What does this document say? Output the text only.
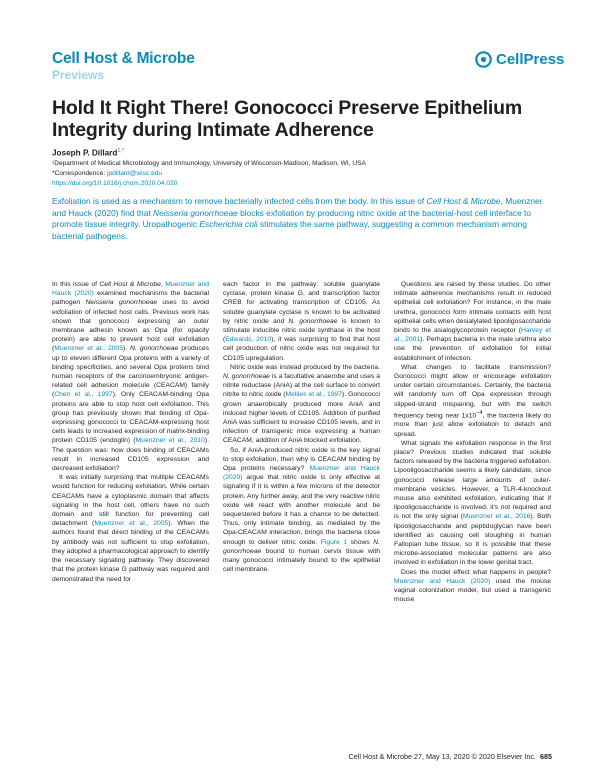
Cell Host & Microbe
Previews
CellPress
Hold It Right There! Gonococci Preserve Epithelium Integrity during Intimate Adherence
Joseph P. Dillard$^{1,*}$
¹Department of Medical Microbiology and Immunology, University of Wisconsin-Madison, Madison, WI, USA
*Correspondence: jpdillard@wisc.edu
https://doi.org/10.1016/j.chom.2020.04.020
Exfoliation is used as a mechanism to remove bacterially infected cells from the body. In this issue of Cell Host & Microbe, Muenzner and Hauck (2020) find that Neisseria gonorrhoeae blocks exfoliation by producing nitric oxide at the bacterial-host cell interface to promote tissue integrity. Uropathogenic Escherichia coli stimulates the same pathway, suggesting a common mechanism among bacterial pathogens.

In this issue of Cell Host & Microbe, Muenzner and Hauck (2020) examined mechanisms the bacterial pathogen Neisseria gonorrhoeae uses to avoid exfoliation of infected host cells. Previous work has shown that gonococci expressing an outer membrane adhesin known as Opa (for opacity protein) are able to prevent host cell exfoliation (Muenzner et al., 2005). N. gonorrhoeae produces up to eleven different Opa proteins with a variety of binding specificities, and several Opa proteins bind human receptors of the carcinoembryonic antigen-related cell adhesion molecule (CEACAM) family (Chen et al., 1997). Only CEACAM-binding Opa proteins are able to stop host cell exfoliation. This group has previously shown that binding of Opa-expressing gonococci to CEACAM-expressing host cells leads to increased expression of matrix-binding protein CD105 (endoglin) (Muenzner et al., 2010). The question was: how does binding of CEACAMs result in increased CD105 expression and decreased exfoliation?

It was initially surprising that multiple CEACAMs would function for reducing exfoliation. While certain CEACAMs have a cytoplasmic domain that affects signaling in the host cell, others have no such domain and still function for preventing cell detachment (Muenzner et al., 2005). When the authors found that direct binding of the CEACAMs by antibody was not sufficient to stop exfoliation, they adopted a pharmacological approach to identify the necessary signaling pathway. They discovered that the protein kinase G pathway was required and demonstrated the need for

each factor in the pathway: soluble guanylate cyclase, protein kinase G, and transcription factor CREB for activating transcription of CD105. As soluble guanylate cyclase is known to be activated by nitric oxide and N. gonorrhoeae is known to stimulate inducible nitric oxide synthase in the host (Edwards, 2010), it was surprising to find that host cell production of nitric oxide was not required for CD105 upregulation.

Nitric oxide was instead produced by the bacteria. N. gonorrhoeae is a facultative anaerobe and uses a nitrite reductase (AniA) at the cell surface to convert nitrite to nitric oxide (Mellies et al., 1997). Gonococci grown anaerobically produced more AniA and induced higher levels of CD105. Addition of purified AniA was sufficient to increase CD105 levels, and in infection of transgenic mice expressing a human CEACAM, addition of AniA blocked exfoliation.

So, if AniA-produced nitric oxide is the key signal to stop exfoliation, then why is CEACAM binding by Opa proteins necessary? Muenzner and Hauck (2020) argue that nitric oxide is only effective at signaling if it is within a few microns of the detector protein. Any further away, and the very reactive nitric oxide will react with another molecule and be sequestered before it has a chance to be detected. Thus, only intimate binding, as mediated by the Opa-CEACAM interaction, brings the bacteria close enough to deliver nitric oxide. Figure 1 shows N. gonorrhoeae bound to human cervix tissue with many gonococci intimately bound to the epithelial cell membrane.

Questions are raised by these studies. Do other intimate adherence mechanisms result in reduced epithelial cell exfoliation? For instance, in the male urethra, gonococci form intimate contacts with host epithelial cells when desialylated lipooligosaccharide binds to the asialoglycoprotein receptor (Harvey et al., 2001). Perhaps bacteria in the male urethra also use the prevention of exfoliation for initial establishment of infection.

What changes to facilitate transmission? Gonococci might allow or encourage exfoliation under certain circumstances. Certainly, the bacteria will randomly turn off Opa expression through slipped-strand mispairing, but with the switch frequency being near $1x10^{-4}$, the bacteria likely do more than just allow exfoliation to detach and spread.

What signals the exfoliation response in the first place? Previous studies indicated that soluble factors released by the bacteria triggered exfoliation. Lipooligosaccharide seems a likely candidate, since gonococci release large amounts of outer-membrane vesicles. However, a TLR-4-knockout mouse also exhibited exfoliation, indicating that if lipooligosaccharide is involved, it's not required and is not the only signal (Muenzner et al., 2016). Both lipooligosaccharide and peptidoglycan have been identified as causing cell sloughing in human Fallopian tube tissue, so it is possible that these microbe-associated molecular patterns are also involved in exfoliation in the lower genital tract.

Does the model effect what happens in people? Muenzner and Hauck (2020) used the mouse vaginal colonization model, but used a transgenic mouse

Cell Host & Microbe 27, May 13, 2020 © 2020 Elsevier Inc. 685
